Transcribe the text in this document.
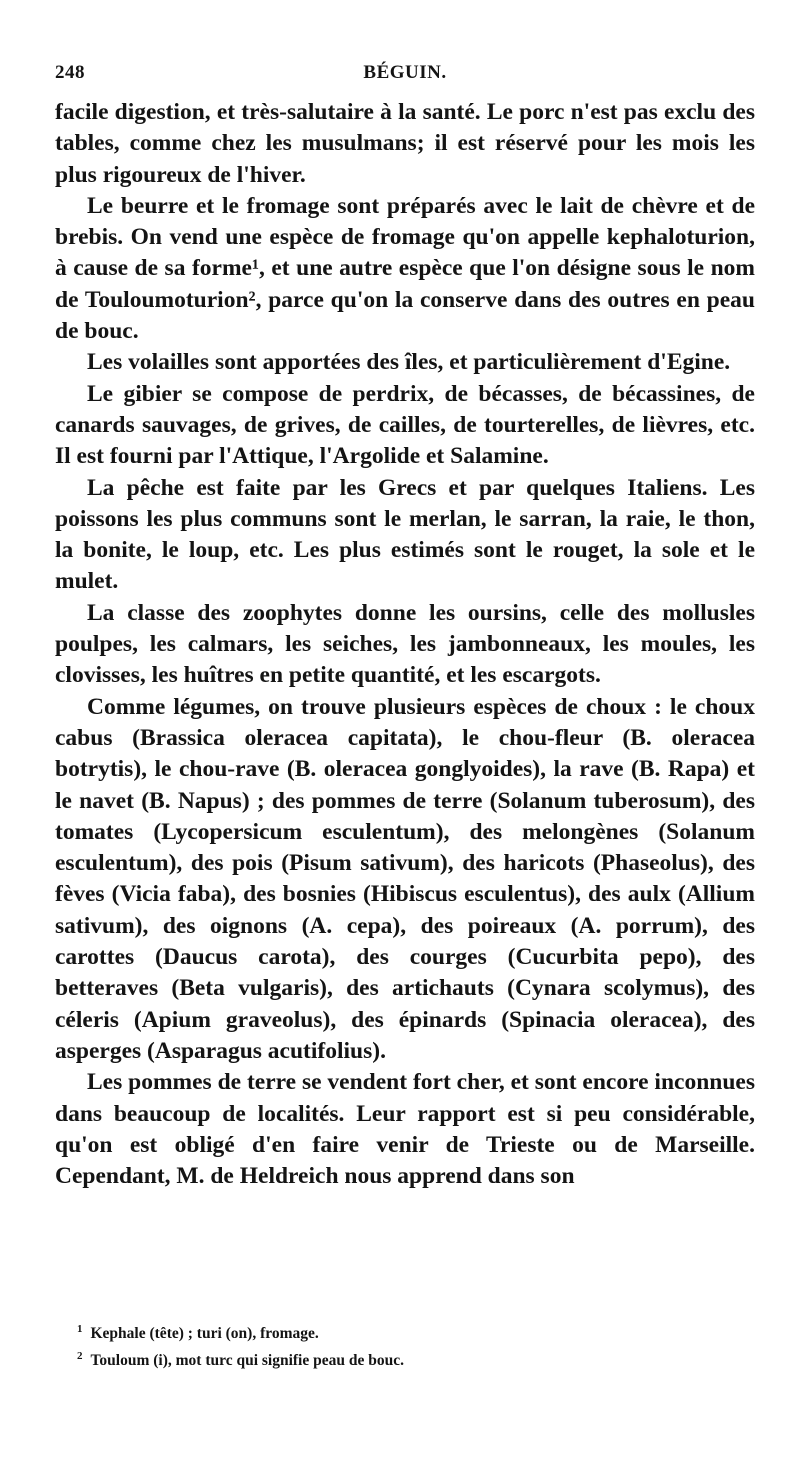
248	BÉGUIN.

facile digestion, et très-salutaire à la santé. Le porc n'est pas exclu des tables, comme chez les musulmans; il est réservé pour les mois les plus rigoureux de l'hiver.

Le beurre et le fromage sont préparés avec le lait de chèvre et de brebis. On vend une espèce de fromage qu'on appelle kephaloturion, à cause de sa forme¹, et une autre espèce que l'on désigne sous le nom de Touloumoturion², parce qu'on la conserve dans des outres en peau de bouc.

Les volailles sont apportées des îles, et particulièrement d'Egine.

Le gibier se compose de perdrix, de bécasses, de bécassines, de canards sauvages, de grives, de cailles, de tourterelles, de lièvres, etc. Il est fourni par l'Attique, l'Argolide et Salamine.

La pêche est faite par les Grecs et par quelques Italiens. Les poissons les plus communs sont le merlan, le sarran, la raie, le thon, la bonite, le loup, etc. Les plus estimés sont le rouget, la sole et le mulet.

La classe des zoophytes donne les oursins, celle des mollusles poulpes, les calmars, les seiches, les jambonneaux, les moules, les clovisses, les huîtres en petite quantité, et les escargots.

Comme légumes, on trouve plusieurs espèces de choux : le choux cabus (Brassica oleracea capitata), le chou-fleur (B. oleracea botrytis), le chou-rave (B. oleracea gonglyoides), la rave (B. Rapa) et le navet (B. Napus) ; des pommes de terre (Solanum tuberosum), des tomates (Lycopersicum esculentum), des melongènes (Solanum esculentum), des pois (Pisum sativum), des haricots (Phaseolus), des fèves (Vicia faba), des bosnies (Hibiscus esculentus), des aulx (Allium sativum), des oignons (A. cepa), des poireaux (A. porrum), des carottes (Daucus carota), des courges (Cucurbita pepo), des betteraves (Beta vulgaris), des artichauts (Cynara scolymus), des céleris (Apium graveolus), des épinards (Spinacia oleracea), des asperges (Asparagus acutifolius).

Les pommes de terre se vendent fort cher, et sont encore inconnues dans beaucoup de localités. Leur rapport est si peu considérable, qu'on est obligé d'en faire venir de Trieste ou de Marseille. Cependant, M. de Heldreich nous apprend dans son

$^1$ Kephale (tête) ; turi (on), fromage.
$^2$ Touloum (i), mot turc qui signifie peau de bouc.
